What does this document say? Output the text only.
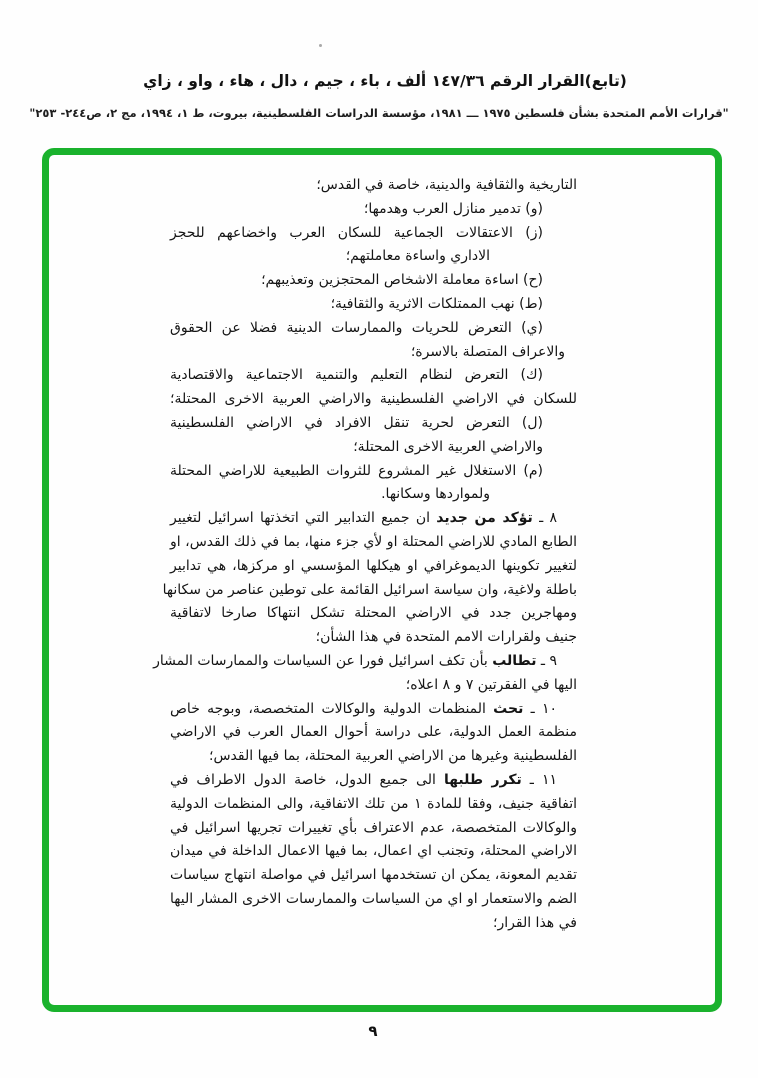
(تابع)القرار الرقم ١٤٧/٣٦ ألف ، باء ، جيم ، دال ، هاء ، واو ، زاي
"قرارات الأمم المتحدة بشأن فلسطين ١٩٧٥ ـــ ١٩٨١، مؤسسة الدراسات الفلسطينية، بيروت، ط ١، ١٩٩٤، مج ٢، ص٢٤٤- ٢٥٣"
التاريخية والثقافية والدينية، خاصة في القدس؛
(و) تدمير منازل العرب وهدمها؛
(ز) الاعتقالات الجماعية للسكان العرب واخضاعهم للحجز
الاداري واساءة معاملتهم؛
(ح) اساءة معاملة الاشخاص المحتجزين وتعذيبهم؛
(ط) نهب الممتلكات الاثرية والثقافية؛
(ي) التعرض للحريات والممارسات الدينية فضلا عن الحقوق
والاعراف المتصلة بالاسرة؛
(ك) التعرض لنظام التعليم والتنمية الاجتماعية والاقتصادية
للسكان في الاراضي الفلسطينية والاراضي العربية الاخرى المحتلة؛
(ل) التعرض لحرية تنقل الافراد في الاراضي الفلسطينية
والاراضي العربية الاخرى المحتلة؛
(م) الاستغلال غير المشروع للثروات الطبيعية للاراضي المحتلة
ولمواردها وسكانها.
٨ ـ تؤكد من جديد ان جميع التدابير التي اتخذتها اسرائيل لتغيير
الطابع المادي للاراضي المحتلة او لأي جزء منها، بما في ذلك القدس، او
لتغيير تكوينها الديموغرافي او هيكلها المؤسسي او مركزها، هي تدابير
باطلة ولاغية، وان سياسة اسرائيل القائمة على توطين عناصر من سكانها
ومهاجرين جدد في الاراضي المحتلة تشكل انتهاكا صارخا لاتفاقية
جنيف ولقرارات الامم المتحدة في هذا الشأن؛
٩ ـ تطالب بأن تكف اسرائيل فورا عن السياسات والممارسات المشار
اليها في الفقرتين ٧ و ٨ اعلاه؛
١٠ ـ تحث المنظمات الدولية والوكالات المتخصصة، وبوجه خاص
منظمة العمل الدولية، على دراسة أحوال العمال العرب في الاراضي
الفلسطينية وغيرها من الاراضي العربية المحتلة، بما فيها القدس؛
١١ ـ تكرر طلبها الى جميع الدول، خاصة الدول الاطراف في
اتفاقية جنيف، وفقا للمادة ١ من تلك الاتفاقية، والى المنظمات الدولية
والوكالات المتخصصة، عدم الاعتراف بأي تغييرات تجريها اسرائيل في
الاراضي المحتلة، وتجنب اي اعمال، بما فيها الاعمال الداخلة في ميدان
تقديم المعونة، يمكن ان تستخدمها اسرائيل في مواصلة انتهاج سياسات
الضم والاستعمار او اي من السياسات والممارسات الاخرى المشار اليها
في هذا القرار؛
٩
